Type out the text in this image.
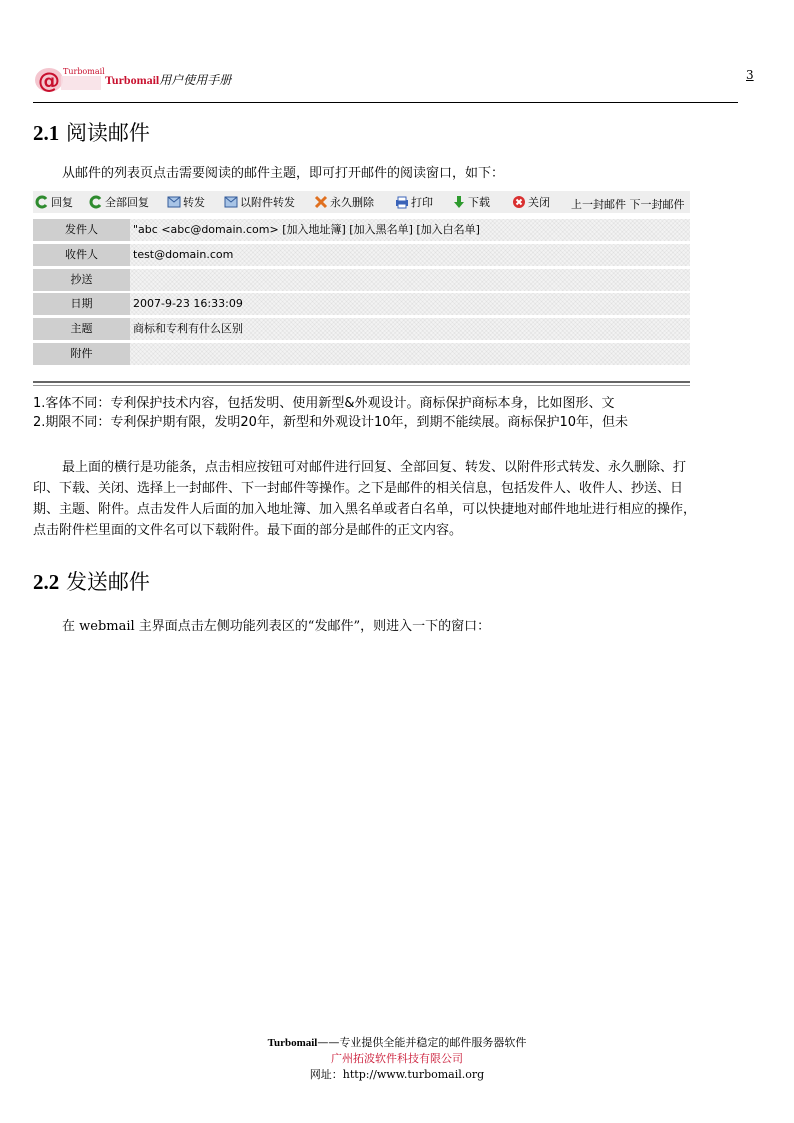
@ Turbomail
Turbomail用户使用手册	3
2.1 阅读邮件
从邮件的列表页点击需要阅读的邮件主题，即可打开邮件的阅读窗口，如下：
回复	全部回复	转发	以附件转发	永久删除	打印	下载	关闭 上一封邮件 下一封邮件
发件人	"abc <abc@domain.com> [加入地址簿] [加入黑名单] [加入白名单]
收件人	test@domain.com
抄送
日期	2007-9-23 16:33:09
主题	商标和专利有什么区别
附件
1.客体不同：专利保护技术内容，包括发明、使用新型&外观设计。商标保护商标本身，比如图形、文
2.期限不同：专利保护期有限，发明20年，新型和外观设计10年，到期不能续展。商标保护10年，但未
最上面的横行是功能条，点击相应按钮可对邮件进行回复、全部回复、转发、以附件形式转发、永久删除、打
印、下载、关闭、选择上一封邮件、下一封邮件等操作。之下是邮件的相关信息，包括发件人、收件人、抄送、日
期、主题、附件。点击发件人后面的加入地址簿、加入黑名单或者白名单，可以快捷地对邮件地址进行相应的操作，
点击附件栏里面的文件名可以下载附件。最下面的部分是邮件的正文内容。
2.2 发送邮件
在 webmail 主界面点击左侧功能列表区的“发邮件”，则进入一下的窗口：
Turbomail——专业提供全能并稳定的邮件服务器软件
广州拓波软件科技有限公司
网址：http://www.turbomail.org
